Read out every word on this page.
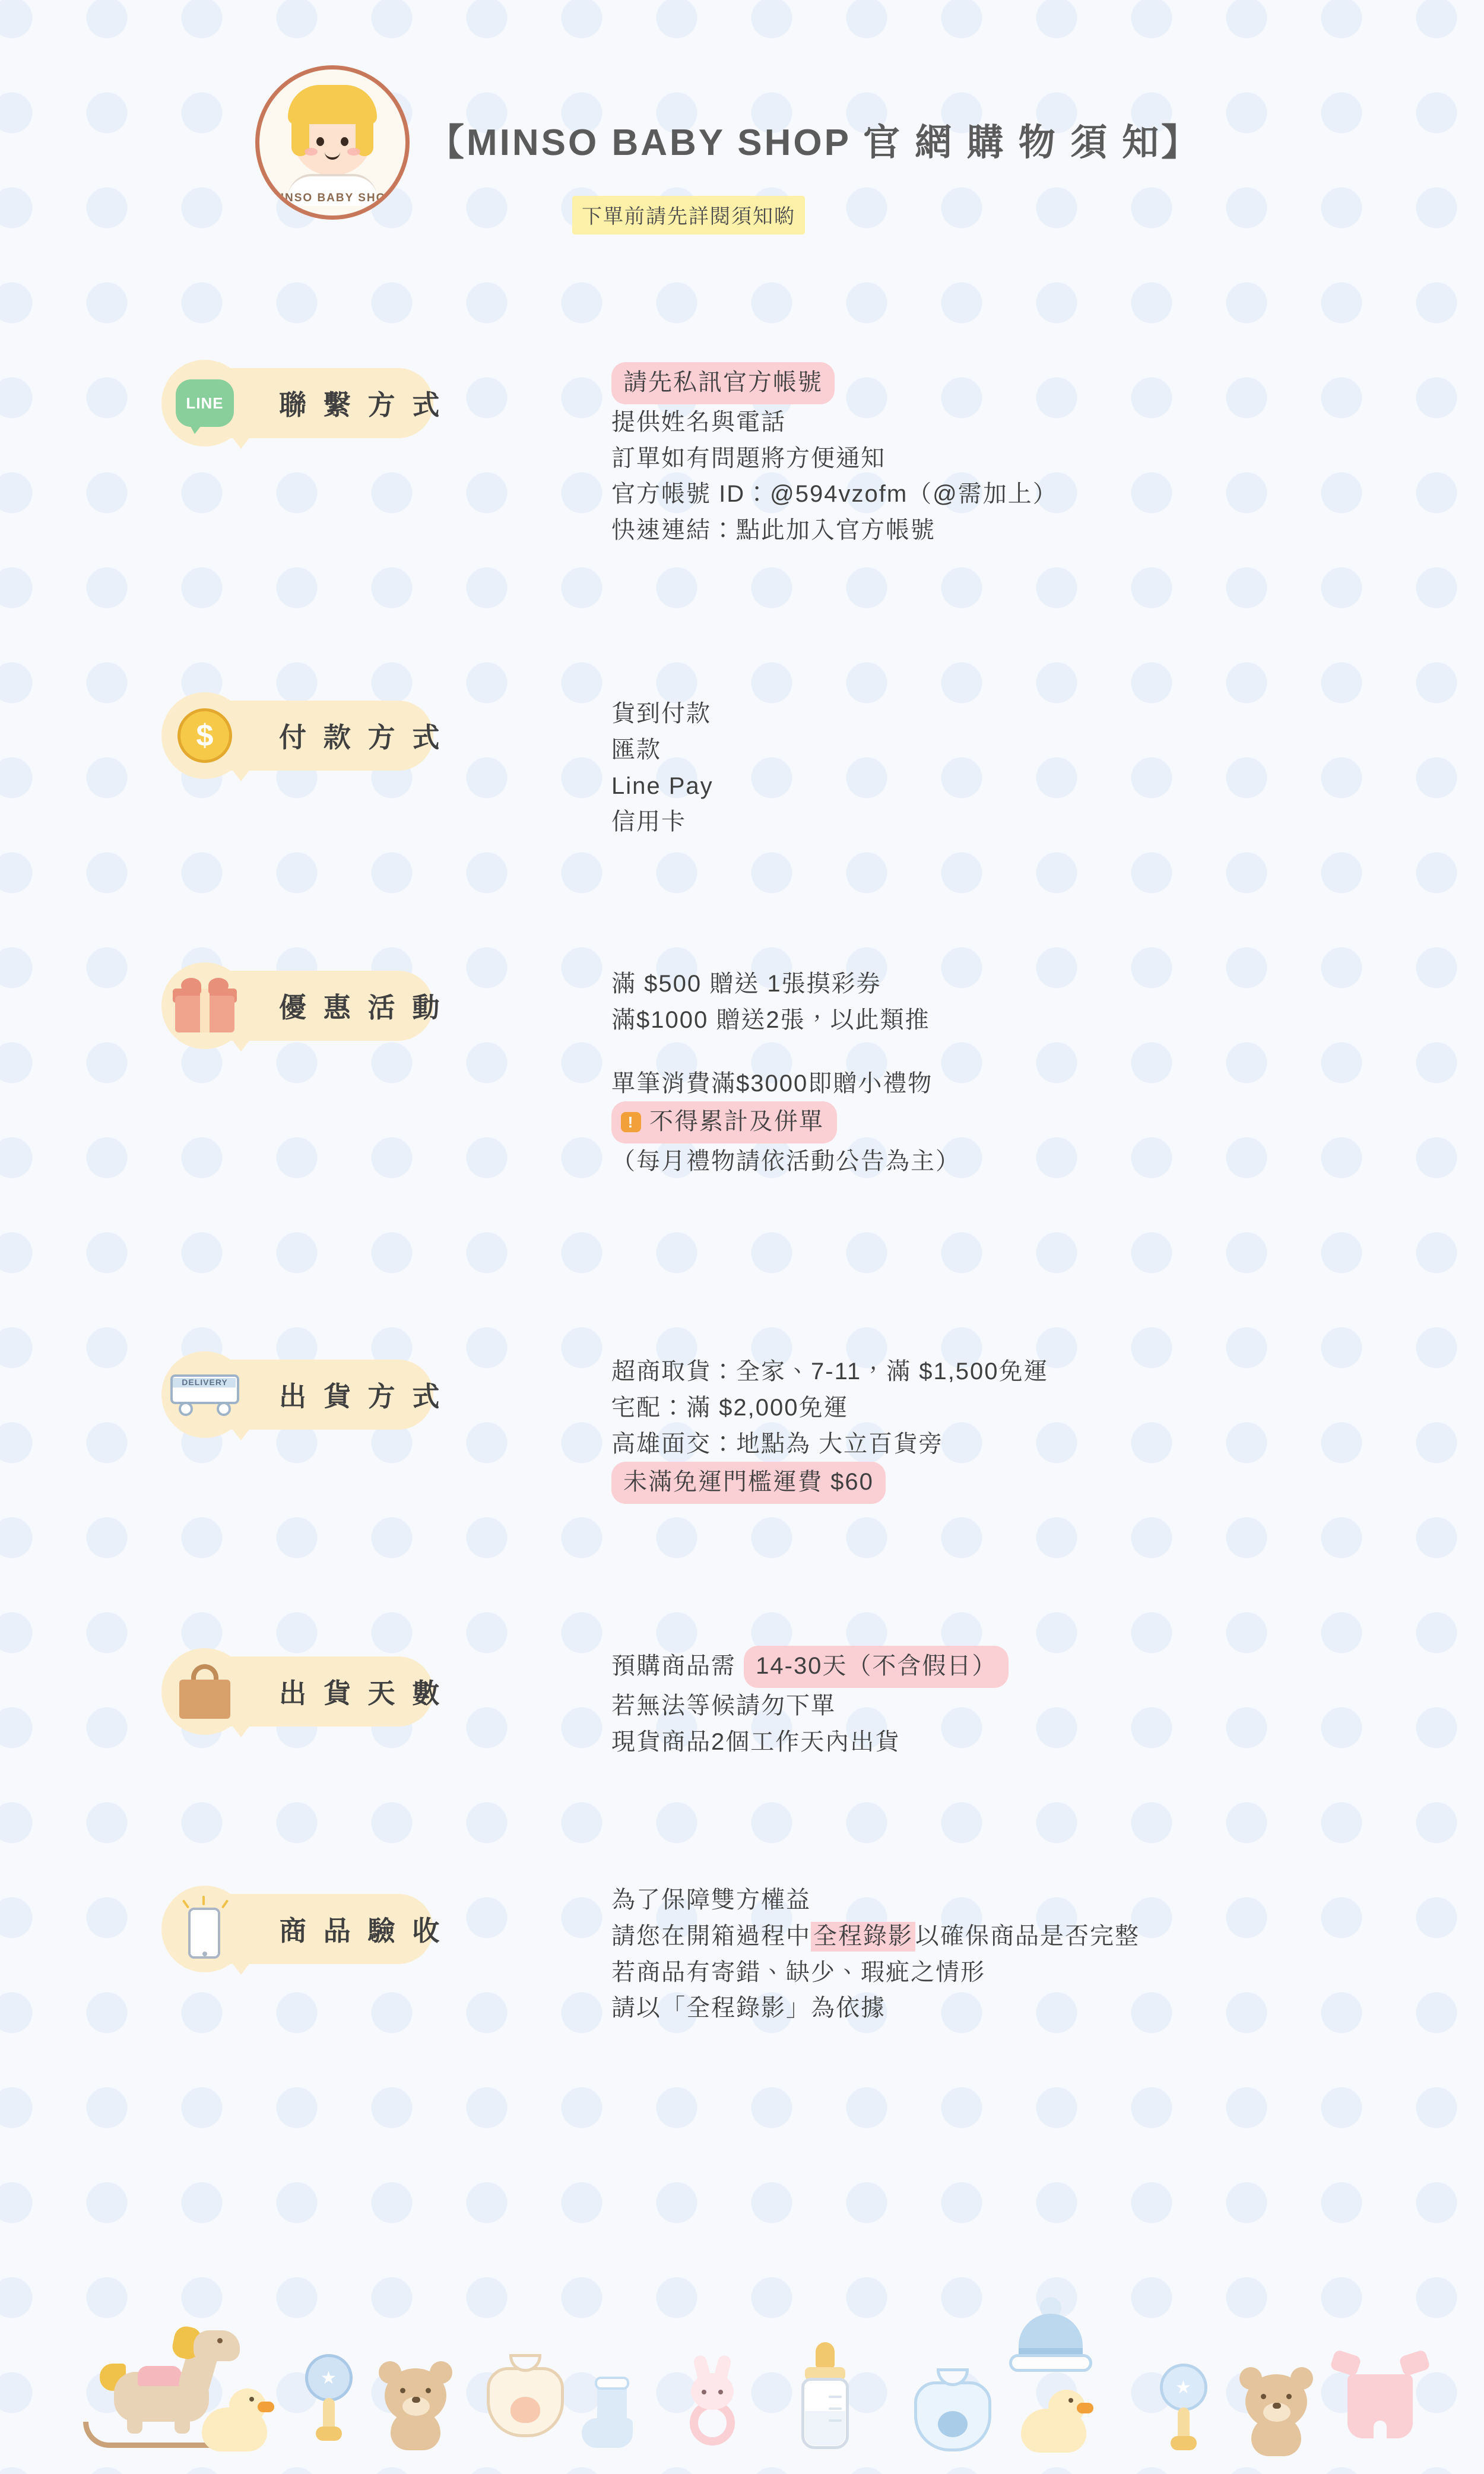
MINSO BABY SHOP
【MINSO BABY SHOP 官 網 購 物 須 知】
下單前請先詳閱須知喲
LINE 聯 繫 方 式
請先私訊官方帳號
提供姓名與電話
訂單如有問題將方便通知
官方帳號 ID：@594vzofm（@需加上）
快速連結：點此加入官方帳號
$ 付 款 方 式
貨到付款
匯款
Line Pay
信用卡
優 惠 活 動
滿 $500 贈送 1張摸彩券
滿$1000 贈送2張，以此類推
單筆消費滿$3000即贈小禮物
! 不得累計及併單
（每月禮物請依活動公告為主）
DELIVERY	出 貨 方 式
超商取貨：全家、7-11，滿 $1,500免運
宅配：滿 $2,000免運
高雄面交：地點為 大立百貨旁
未滿免運門檻運費 $60
出 貨 天 數
預購商品需 14-30天（不含假日）
若無法等候請勿下單
現貨商品2個工作天內出貨
商 品 驗 收
為了保障雙方權益
請您在開箱過程中 全程錄影 以確保商品是否完整
若商品有寄錯、缺少、瑕疵之情形
請以「全程錄影」為依據
★	★
